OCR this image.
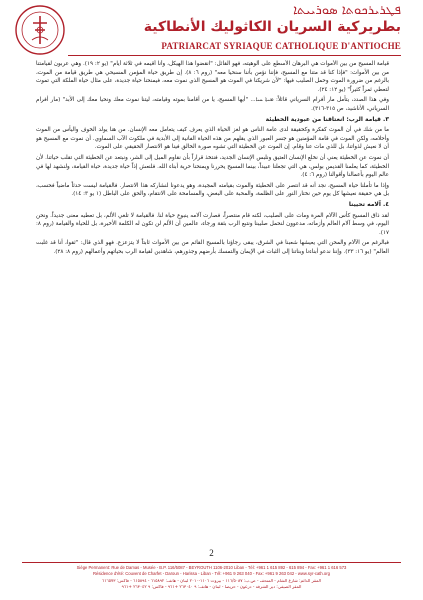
ܦܛܪܝܪܟܘܬܐ ܣܘܪܝܝܬܐ
بطريركية السريان الكاثوليك الأنطاكية
PATRIARCAT SYRIAQUE CATHOLIQUE D'ANTIOCHE

قيامة المسيح من بين الأموات هي البرهان الأسطع على ألوهيته، فهو القائل: "انقضوا هذا الهيكل، وأنا أقيمه في ثلاثة أيام" (يو ٢: ١٩). وهي عربون لقيامتنا من بين الأموات: "فإذا كنا قد متنا مع المسيح، فإننا نؤمن بأننا سنحيا معه" (روم ٦: ٨). إن طريق حياة المؤمن المسيحي هي طريق قيامة من الموت، بالرغم من ضرورة الموت وحمل الصليب فيها: "لأن شريكنا في الموت هو المسيح الذي نموت معه، فيمنحنا حياة جديدة، على مثال حياة الملكة التي تموت لتعطي ثمراً كثيراً" (يو ١٢: ٢٤).

وفي هذا الصدد، يتأمل مار أفرام السرياني قائلاً: ܡܝܬܐ ܚܝܐ... "أيها المسيح، يا من أقامنا بموته وقيامته، ليتنا نموت معك ونحيا معك إلى الأبد" (مار أفرام السرياني، الأناشيد، ص ٣١٥-٣١٦).

٣. قيامة الرب: انعتاقنا من عبودية الخطيئة

ما من شك في أن الموت كفكرة وكحقيقة لدى عامة الناس هو لغز الحياة الذي يعرف كيف يتعامل معه الإنسان. من هنا يولد الخوف واليأس من الموت وأحلامه، ولكن الموت في قامة المؤمنين هو جسر العبور الذي يقلهم من هذه الحياة الفانية إلى الأبدية في ملكوت الآب السماوي. أن نموت مع المسيح هو أن لا نعيش لذواتنا، بل للذي مات عنا وقام. إن الموت عن الخطيئة التي تشوه صورة الخالق فينا هو الانتصار الحقيقي على الموت.

أن نموت عن الخطيئة يعني أن نخلع الإنسان العتيق ونلبس الإنسان الجديد، فنتخذ قراراً بأن نقاوم الميل إلى الشر، ونبتعد عن الخطيئة التي تقلب حياتنا. لأن الخطيئة، كما يعلمنا القديس بولس، هي التي تجعلنا عبيداً، بينما المسيح يحررنا ويمنحنا حرية أبناء الله. فلنعش إذاً حياة جديدة، حياة القيامة، ولنشهد لها في عالم اليوم بأعمالنا وأقوالنا (روم ٦: ٤).

وإذا ما تأملنا حياة المسيح، نجد أنه قد انتصر على الخطيئة والموت بقيامته المجيدة، وهو يدعونا لنشاركه هذا الانتصار. فالقيامة ليست حدثاً ماضياً فحسب، بل هي حقيقة نعيشها كل يوم حين نختار النور على الظلمة، والمحبة على البغض، والمسامحة على الانتقام، والحق على الباطل (١ يو ٣: ١٤).

٤. آلامه تحيينا

لقد ذاق المسيح كأس الآلام المرة ومات على الصليب، لكنه قام منتصراً، فصارت آلامه ينبوع حياة لنا. فالقيامة لا تلغي الألم، بل تعطيه معنى جديداً. ونحن اليوم، في وسط آلام العالم وأزماته، مدعوون لنحمل صليبنا ونتبع الرب بثقة ورجاء، عالمين أن الألم لن تكون له الكلمة الأخيرة، بل للحياة والقيامة (روم ٨: ١٧).

فبالرغم من الآلام والمحن التي يعيشها شعبنا في الشرق، يبقى رجاؤنا بالمسيح القائم من بين الأموات ثابتاً لا يتزعزع. فهو الذي قال: "ثقوا، أنا قد غلبت العالم" (يو ١٦: ٣٣). وإننا ندعو أبناءنا وبناتنا إلى الثبات في الإيمان والتمسك بأرضهم وجذورهم، شاهدين لقيامة الرب بحياتهم وأعمالهم (روم ٨: ٢٨).

2
Siège Permanent: Rue de Damas - Musée - B.P. 116/5087 - BEYROUTH 1106-2010 Liban - Tél: +961 1 615 892 - 615 894 - Fax: +961 1 616 573
Résidence d'été: Couvent de Charfet - Daroun - Harissa - Liban - Tél: +961 9 263 040 - Fax: +961 9 263 042 - www.syr-cath.org
المقر الدائم: شارع الشام - المتحف - ص.ب: ١١٦/٥٠٨٧ - بيروت ١١٠٦-٢٠١٠ لبنان - هاتف: ٦١٥٨٩٢ - ٦١٥٨٩٤ - فاكس: ٦١٦٥٧٣
المقر الصيفي: دير الشرفة - درعون - حريصا - لبنان - هاتف: ٩ ٢٦٣٠٤٠ +٩٦١ - فاكس: ٩ ٢٦٣٠٤٢ +٩٦١
